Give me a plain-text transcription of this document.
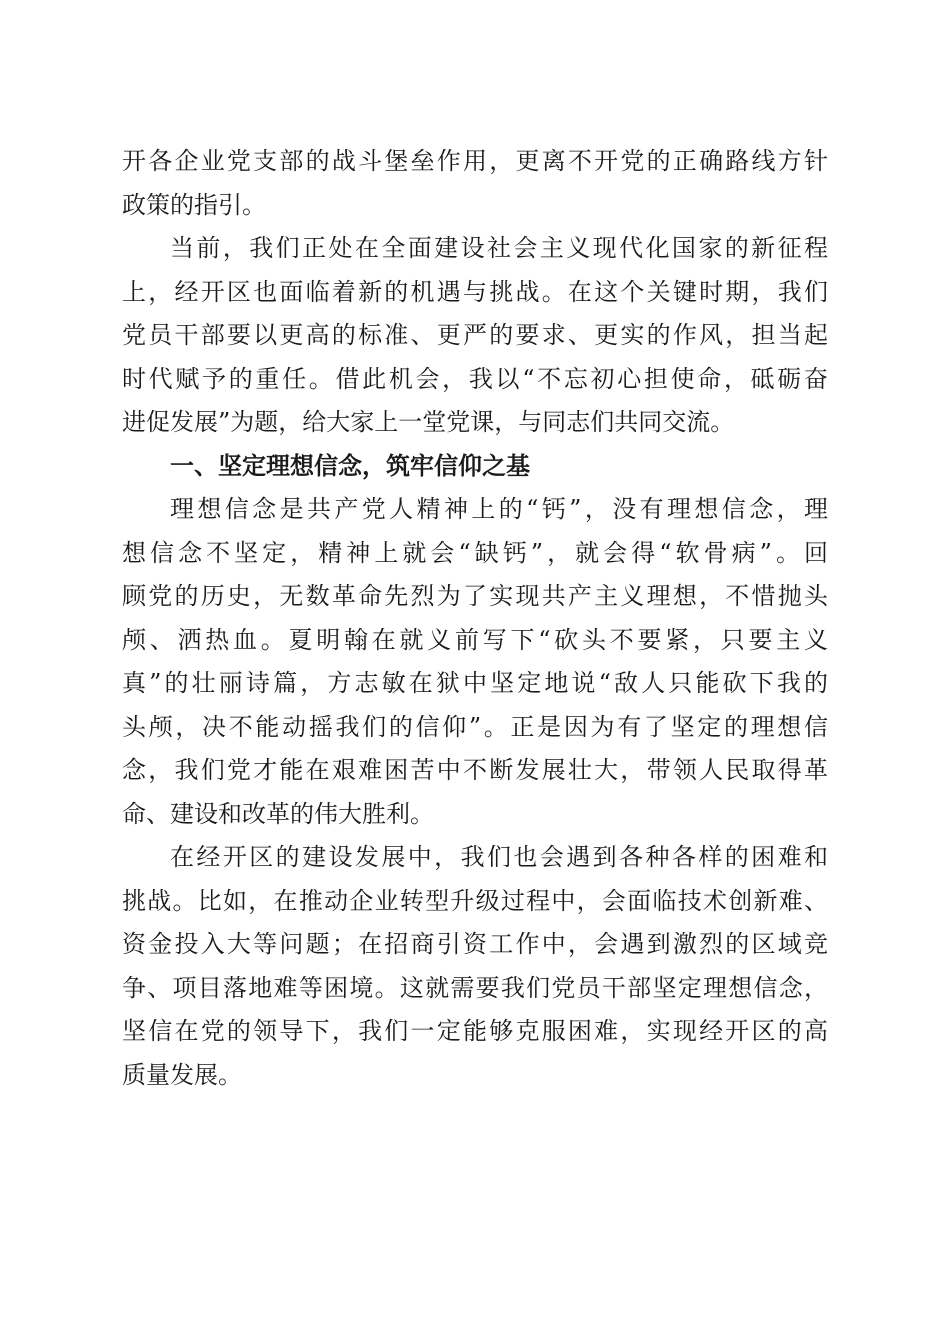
开各企业党支部的战斗堡垒作用，更离不开党的正确路线方针
政策的指引。
当前，我们正处在全面建设社会主义现代化国家的新征程
上，经开区也面临着新的机遇与挑战。在这个关键时期，我们
党员干部要以更高的标准、更严的要求、更实的作风，担当起
时代赋予的重任。借此机会，我以“不忘初心担使命，砥砺奋
进促发展”为题，给大家上一堂党课，与同志们共同交流。
一、坚定理想信念，筑牢信仰之基
理想信念是共产党人精神上的“钙”，没有理想信念，理
想信念不坚定，精神上就会“缺钙”，就会得“软骨病”。回
顾党的历史，无数革命先烈为了实现共产主义理想，不惜抛头
颅、洒热血。夏明翰在就义前写下“砍头不要紧，只要主义
真”的壮丽诗篇，方志敏在狱中坚定地说“敌人只能砍下我的
头颅，决不能动摇我们的信仰”。正是因为有了坚定的理想信
念，我们党才能在艰难困苦中不断发展壮大，带领人民取得革
命、建设和改革的伟大胜利。
在经开区的建设发展中，我们也会遇到各种各样的困难和
挑战。比如，在推动企业转型升级过程中，会面临技术创新难、
资金投入大等问题；在招商引资工作中，会遇到激烈的区域竞
争、项目落地难等困境。这就需要我们党员干部坚定理想信念，
坚信在党的领导下，我们一定能够克服困难，实现经开区的高
质量发展。
